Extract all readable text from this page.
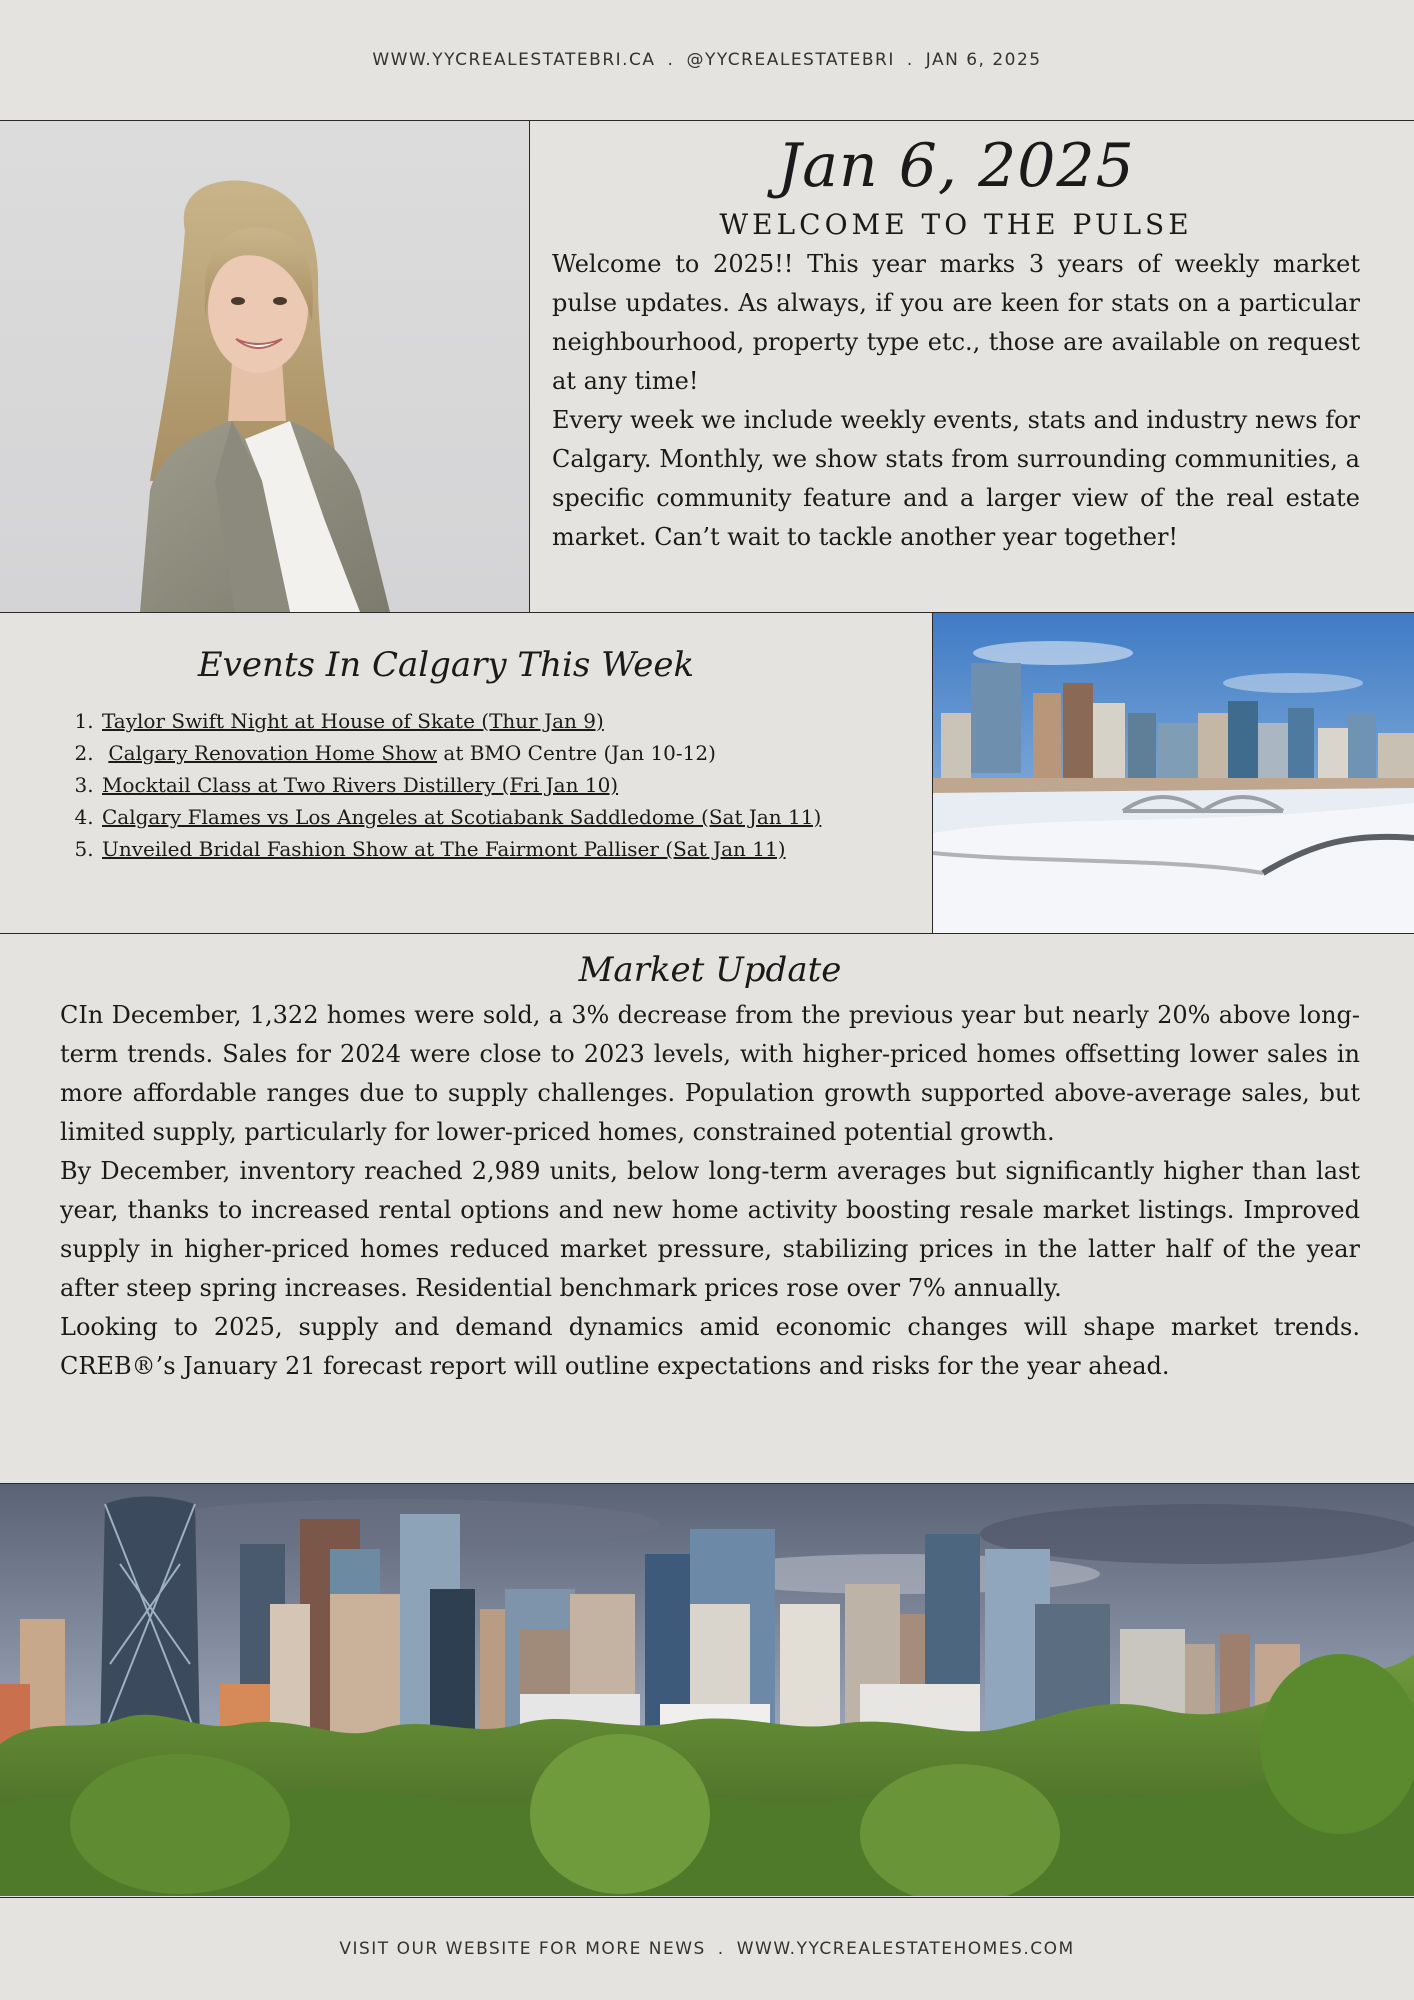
WWW.YYCREALESTATEBRI.CA . @YYCREALESTATEBRI . JAN 6, 2025
Jan 6, 2025
WELCOME TO THE PULSE

Welcome to 2025!! This year marks 3 years of weekly market pulse updates. As always, if you are keen for stats on a particular neighbourhood, property type etc., those are available on request at any time!

Every week we include weekly events, stats and industry news for Calgary. Monthly, we show stats from surrounding communities, a specific community feature and a larger view of the real estate market. Can’t wait to tackle another year together!

Events In Calgary This Week
1. Taylor Swift Night at House of Skate (Thur Jan 9)
2. Calgary Renovation Home Show at BMO Centre (Jan 10-12)
3. Mocktail Class at Two Rivers Distillery (Fri Jan 10)
4. Calgary Flames vs Los Angeles at Scotiabank Saddledome (Sat Jan 11)
5. Unveiled Bridal Fashion Show at The Fairmont Palliser (Sat Jan 11)
Market Update

CIn December, 1,322 homes were sold, a 3% decrease from the previous year but nearly 20% above long-term trends. Sales for 2024 were close to 2023 levels, with higher-priced homes offsetting lower sales in more affordable ranges due to supply challenges. Population growth supported above-average sales, but limited supply, particularly for lower-priced homes, constrained potential growth.

By December, inventory reached 2,989 units, below long-term averages but significantly higher than last year, thanks to increased rental options and new home activity boosting resale market listings. Improved supply in higher-priced homes reduced market pressure, stabilizing prices in the latter half of the year after steep spring increases. Residential benchmark prices rose over 7% annually.

Looking to 2025, supply and demand dynamics amid economic changes will shape market trends. CREB®’s January 21 forecast report will outline expectations and risks for the year ahead.

VISIT OUR WEBSITE FOR MORE NEWS . WWW.YYCREALESTATEHOMES.COM
